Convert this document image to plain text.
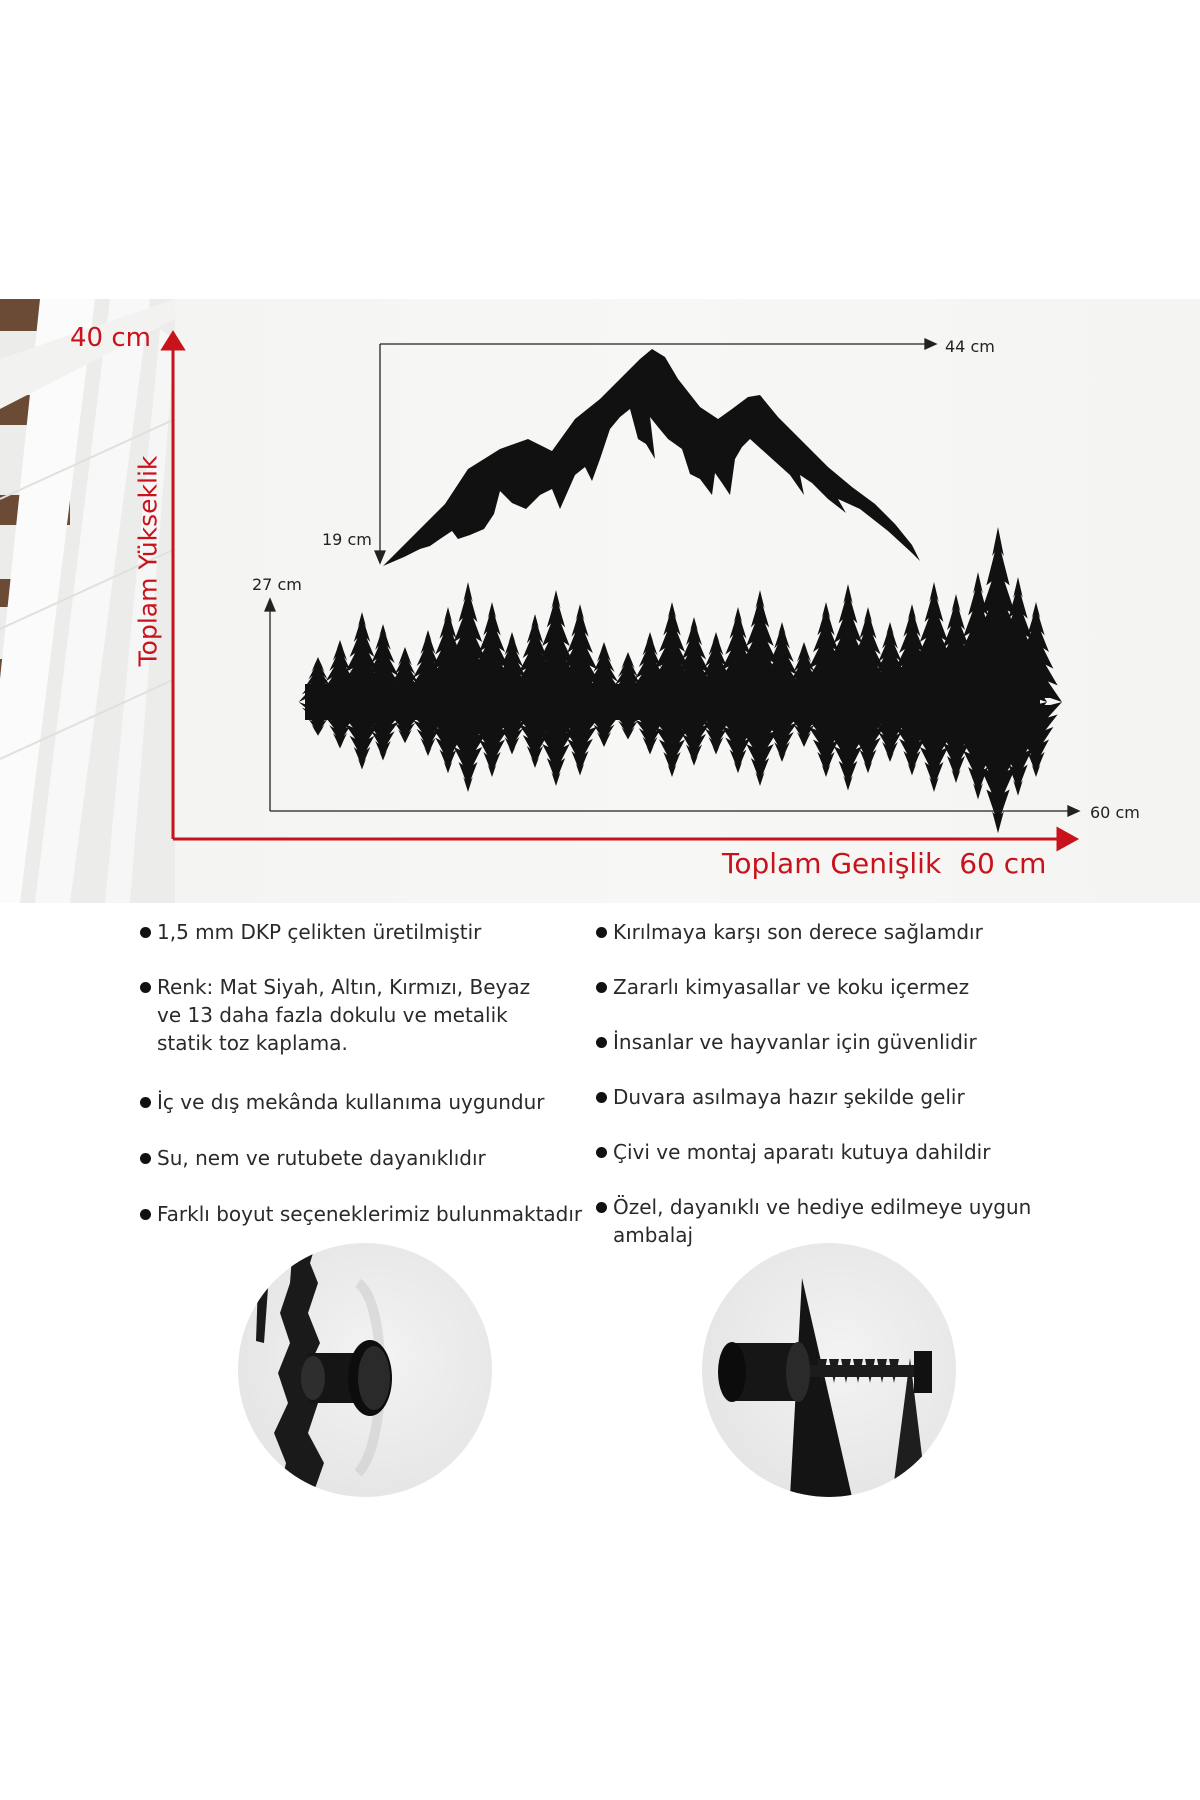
40 cm
Toplam Yükseklik
Toplam Genişlik 60 cm
44 cm
19 cm
27 cm
60 cm
1,5 mm DKP çelikten üretilmiştir
Renk: Mat Siyah, Altın, Kırmızı, Beyaz
ve 13 daha fazla dokulu ve metalik
statik toz kaplama.
İç ve dış mekânda kullanıma uygundur
Su, nem ve rutubete dayanıklıdır
Farklı boyut seçeneklerimiz bulunmaktadır
Kırılmaya karşı son derece sağlamdır
Zararlı kimyasallar ve koku içermez
İnsanlar ve hayvanlar için güvenlidir
Duvara asılmaya hazır şekilde gelir
Çivi ve montaj aparatı kutuya dahildir
Özel, dayanıklı ve hediye edilmeye uygun ambalaj
